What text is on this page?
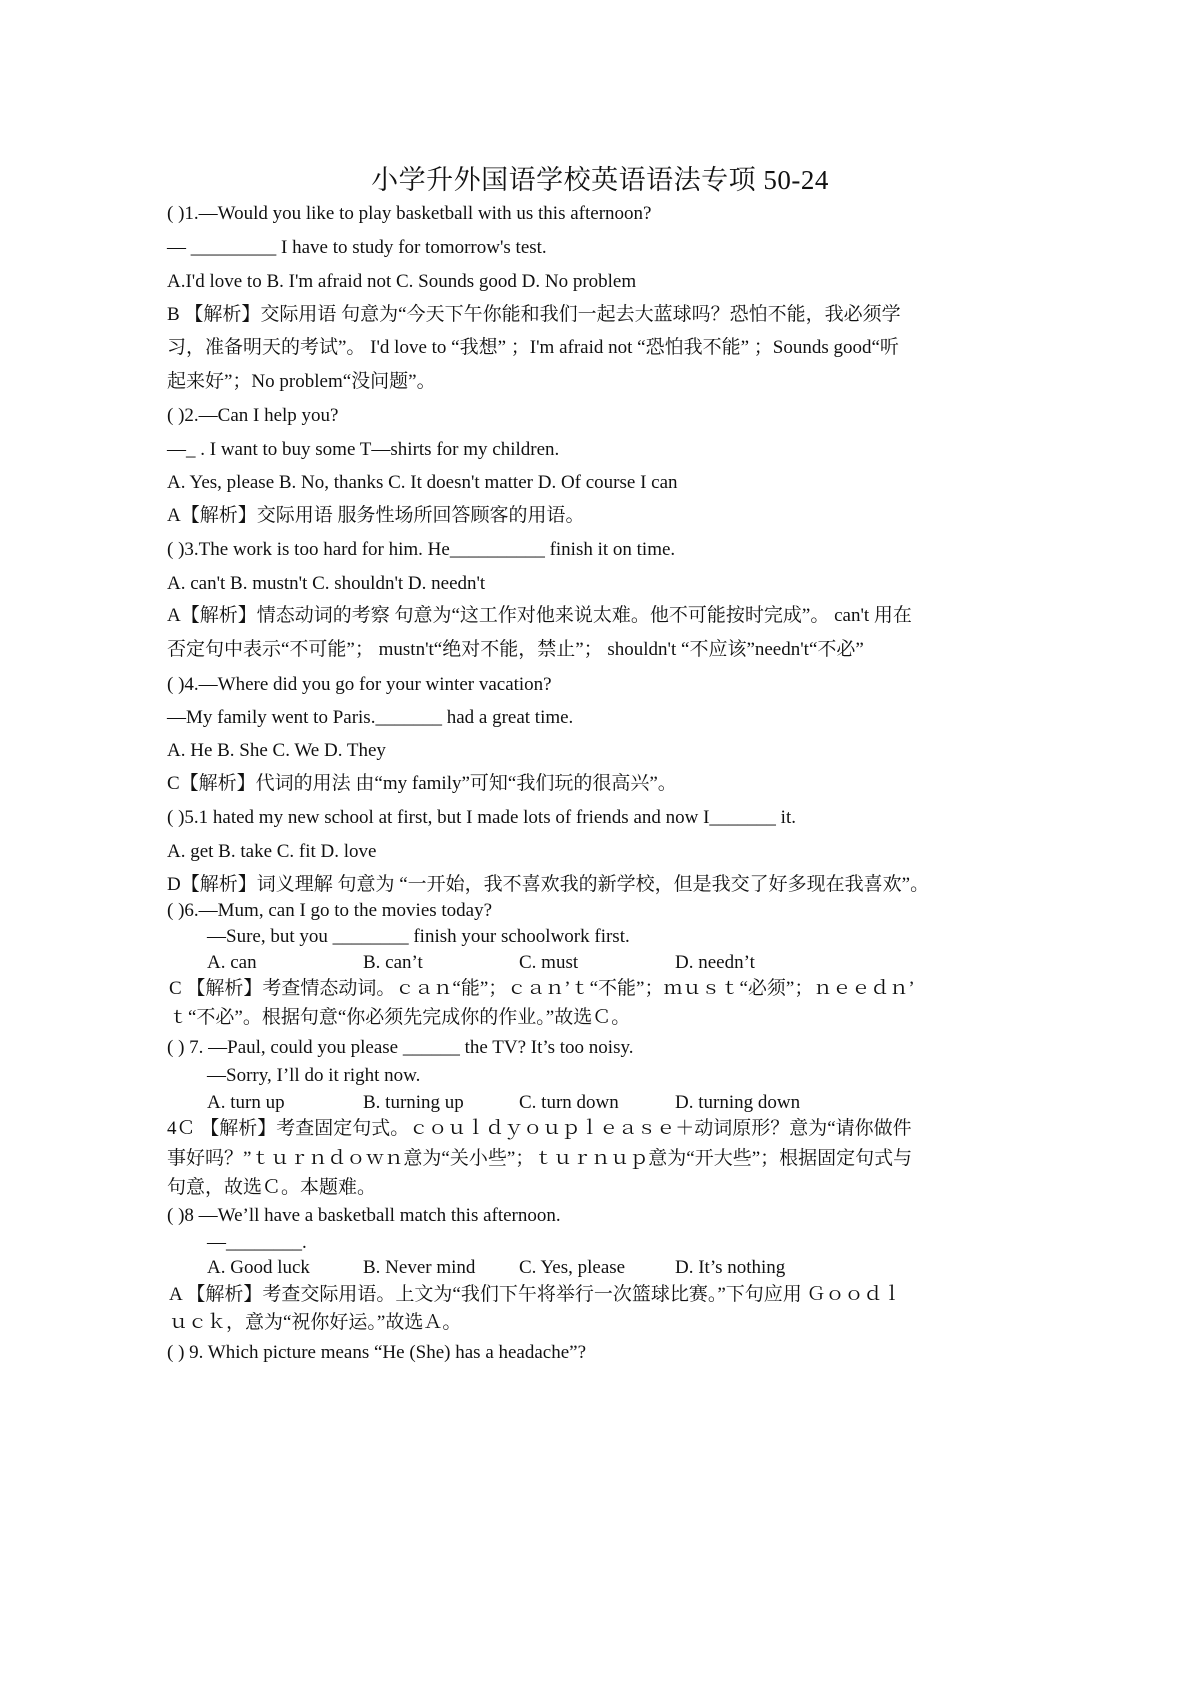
小学升外国语学校英语语法专项 50-24
( )1.—Would you like to play basketball with us this afternoon?
— _________ I have to study for tomorrow's test.
A.I'd love to B. I'm afraid not C. Sounds good D. No problem
B 【解析】交际用语 句意为“今天下午你能和我们一起去大蓝球吗？恐怕不能，我必须学
习，准备明天的考试”。 I'd love to “我想” ；I'm afraid not “恐怕我不能” ；Sounds good“听
起来好”；No problem“没问题”。
( )2.—Can I help you?
—_ . I want to buy some T—shirts for my children.
A. Yes, please B. No, thanks C. It doesn't matter D. Of course I can
A【解析】交际用语 服务性场所回答顾客的用语。
( )3.The work is too hard for him. He__________ finish it on time.
A. can't B. mustn't C. shouldn't D. needn't
A【解析】情态动词的考察 句意为“这工作对他来说太难。他不可能按时完成”。 can't 用在
否定句中表示“不可能”； mustn't“绝对不能，禁止”； shouldn't “不应该”needn't“不必”
( )4.—Where did you go for your winter vacation?
—My family went to Paris._______ had a great time.
A. He B. She C. We D. They
C【解析】代词的用法 由“my family”可知“我们玩的很高兴”。
( )5.1 hated my new school at first, but I made lots of friends and now I_______ it.
A. get B. take C. fit D. love
D【解析】词义理解 句意为 “一开始，我不喜欢我的新学校，但是我交了好多现在我喜欢”。
( )6.—Mum, can I go to the movies today?
—Sure, but you ________ finish your schoolwork first.
A. can	B. can’t	C. must	D. needn’t
C 【解析】考查情态动词。ｃａｎ“能”；ｃａｎ’ｔ“不能”；ｍｕｓｔ“必须”；ｎｅｅｄｎ’
ｔ“不必”。根据句意“你必须先完成你的作业。”故选Ｃ。
( ) 7. —Paul, could you please ______ the TV? It’s too noisy.
—Sorry, I’ll do it right now.
A. turn up	B. turning up	C. turn down	D. turning down
4Ｃ 【解析】考查固定句式。ｃｏｕｌｄｙｏｕｐｌｅａｓｅ＋动词原形？意为“请你做件
事好吗？”ｔｕｒｎｄｏｗｎ意为“关小些”；ｔｕｒｎｕｐ意为“开大些”；根据固定句式与
句意，故选Ｃ。本题难。
( )8 —We’ll have a basketball match this afternoon.
—________.
A. Good luck	B. Never mind C. Yes, please	D. It’s nothing
A 【解析】考查交际用语。上文为“我们下午将举行一次篮球比赛。”下句应用 Ｇｏｏｄｌ
ｕｃｋ，意为“祝你好运。”故选Ａ。
( ) 9. Which picture means “He (She) has a headache”?
